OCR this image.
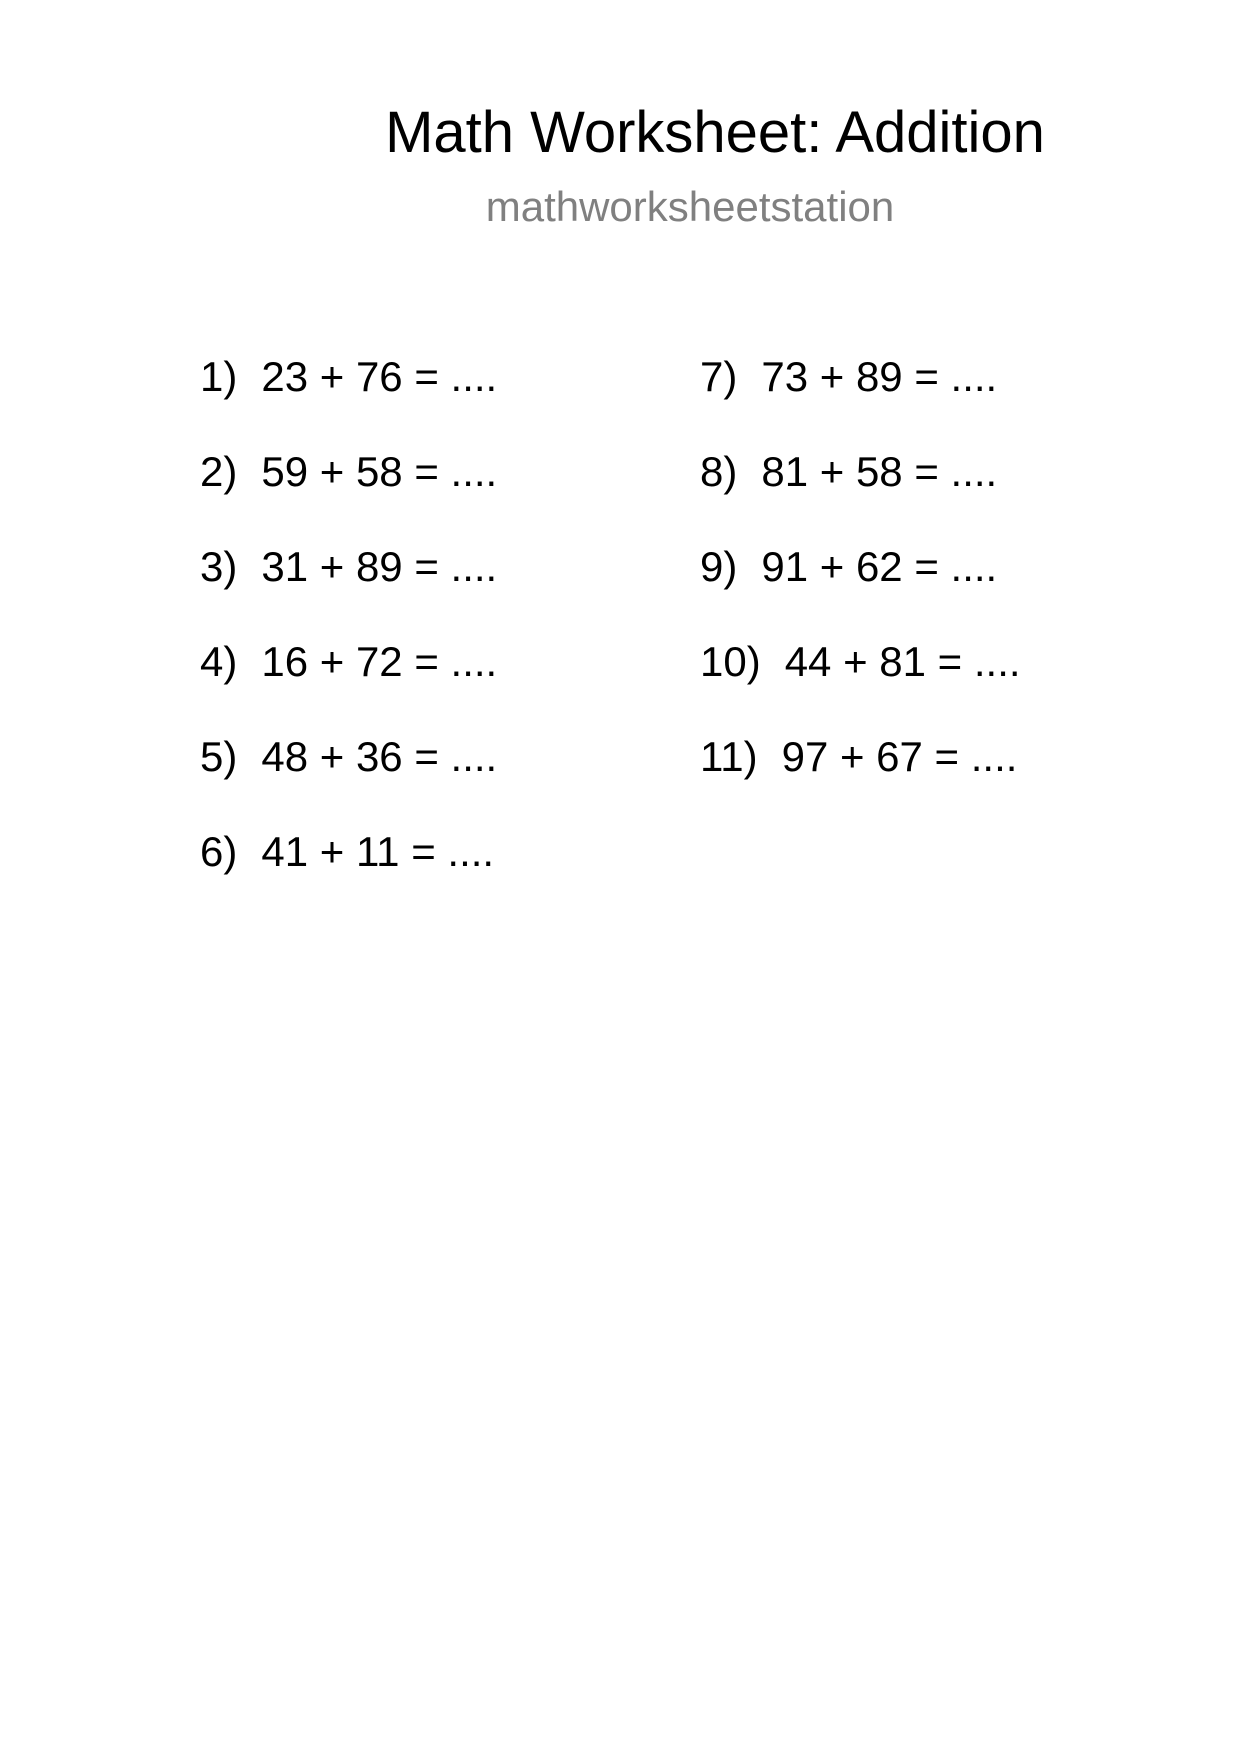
Math Worksheet: Addition
mathworksheetstation
1) 23 + 76 = ....
2) 59 + 58 = ....
3) 31 + 89 = ....
4) 16 + 72 = ....
5) 48 + 36 = ....
6) 41 + 11 = ....
7) 73 + 89 = ....
8) 81 + 58 = ....
9) 91 + 62 = ....
10) 44 + 81 = ....
11) 97 + 67 = ....
